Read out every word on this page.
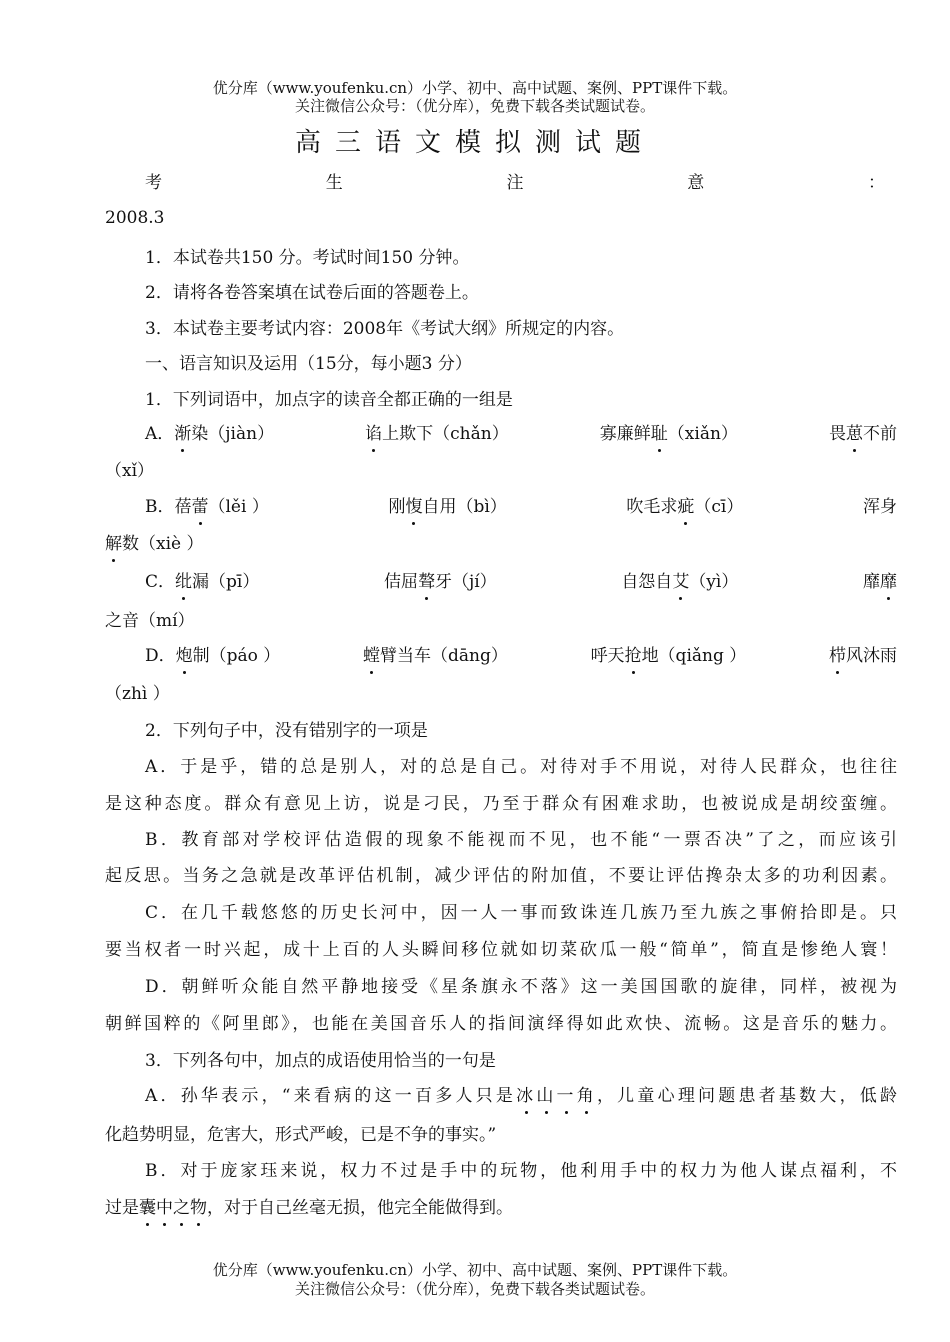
优分库（www.youfenku.cn）小学、初中、高中试题、案例、PPT课件下载。
关注微信公众号：（优分库），免费下载各类试题试卷。
高三语文模拟测试题
考	生	注	意	：
2008.3
1．本试卷共150 分。考试时间150 分钟。
2．请将各卷答案填在试卷后面的答题卷上。
3．本试卷主要考试内容：2008年《考试大纲》所规定的内容。
一、语言知识及运用（15分，每小题3 分）
1．下列词语中，加点字的读音全都正确的一组是
A．渐染（jiàn）	谄上欺下（chǎn）	寡廉鲜耻（xiǎn）	畏葸不前
（xǐ）
B．蓓蕾（lěi ）	刚愎自用（bì）	吹毛求疵（cī）	浑身
解数（xiè ）
C．纰漏（pī）	佶屈聱牙（jí）	自怨自艾（yì）	靡靡
之音（mí）
D．炮制（páo ）	螳臂当车（dāng）	呼天抢地（qiǎng ）	栉风沐雨
（zhì ）
2．下列句子中，没有错别字的一项是
A．于是乎，错的总是别人，对的总是自己。对待对手不用说，对待人民群众，也往往
是这种态度。群众有意见上访，说是刁民，乃至于群众有困难求助，也被说成是胡绞蛮缠。
B．教育部对学校评估造假的现象不能视而不见，也不能“一票否决”了之，而应该引
起反思。当务之急就是改革评估机制，减少评估的附加值，不要让评估搀杂太多的功利因素。
C．在几千载悠悠的历史长河中，因一人一事而致诛连几族乃至九族之事俯拾即是。只
要当权者一时兴起，成十上百的人头瞬间移位就如切菜砍瓜一般“简单”，简直是惨绝人寰！
D．朝鲜听众能自然平静地接受《星条旗永不落》这一美国国歌的旋律，同样，被视为
朝鲜国粹的《阿里郎》，也能在美国音乐人的指间演绎得如此欢快、流畅。这是音乐的魅力。
3．下列各句中，加点的成语使用恰当的一句是
A．孙华表示，“来看病的这一百多人只是冰山一角，儿童心理问题患者基数大，低龄
化趋势明显，危害大，形式严峻，已是不争的事实。”
B．对于庞家珏来说，权力不过是手中的玩物，他利用手中的权力为他人谋点福利，不
过是囊中之物，对于自己丝毫无损，他完全能做得到。
优分库（www.youfenku.cn）小学、初中、高中试题、案例、PPT课件下载。
关注微信公众号：（优分库），免费下载各类试题试卷。
